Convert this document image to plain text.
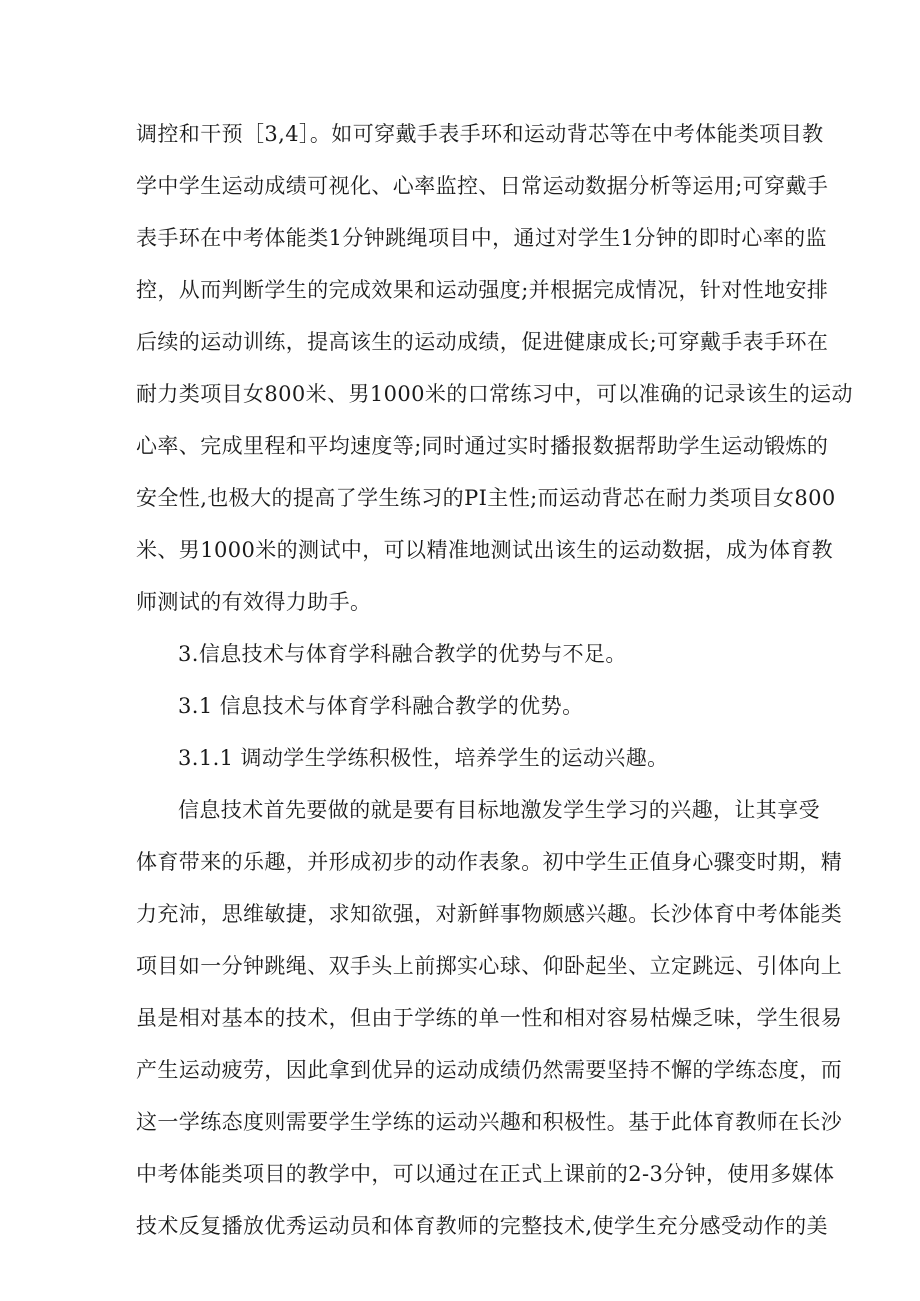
调控和干预［3,4］。如可穿戴手表手环和运动背芯等在中考体能类项目教
学中学生运动成绩可视化、心率监控、日常运动数据分析等运用;可穿戴手
表手环在中考体能类1分钟跳绳项目中，通过对学生1分钟的即时心率的监
控，从而判断学生的完成效果和运动强度;并根据完成情况，针对性地安排
后续的运动训练，提高该生的运动成绩，促进健康成长;可穿戴手表手环在
耐力类项目女800米、男1000米的口常练习中，可以准确的记录该生的运动
心率、完成里程和平均速度等;同时通过实时播报数据帮助学生运动锻炼的
安全性,也极大的提高了学生练习的PI主性;而运动背芯在耐力类项目女800
米、男1000米的测试中，可以精准地测试出该生的运动数据，成为体育教
师测试的有效得力助手。
3.信息技术与体育学科融合教学的优势与不足。
3.1 信息技术与体育学科融合教学的优势。
3.1.1 调动学生学练积极性，培养学生的运动兴趣。
信息技术首先要做的就是要有目标地激发学生学习的兴趣，让其享受
体育带来的乐趣，并形成初步的动作表象。初中学生正值身心骤变时期，精
力充沛，思维敏捷，求知欲强，对新鲜事物颇感兴趣。长沙体育中考体能类
项目如一分钟跳绳、双手头上前掷实心球、仰卧起坐、立定跳远、引体向上
虽是相对基本的技术，但由于学练的单一性和相对容易枯燥乏味，学生很易
产生运动疲劳，因此拿到优异的运动成绩仍然需要坚持不懈的学练态度，而
这一学练态度则需要学生学练的运动兴趣和积极性。基于此体育教师在长沙
中考体能类项目的教学中，可以通过在正式上课前的2-3分钟，使用多媒体
技术反复播放优秀运动员和体育教师的完整技术,使学生充分感受动作的美
